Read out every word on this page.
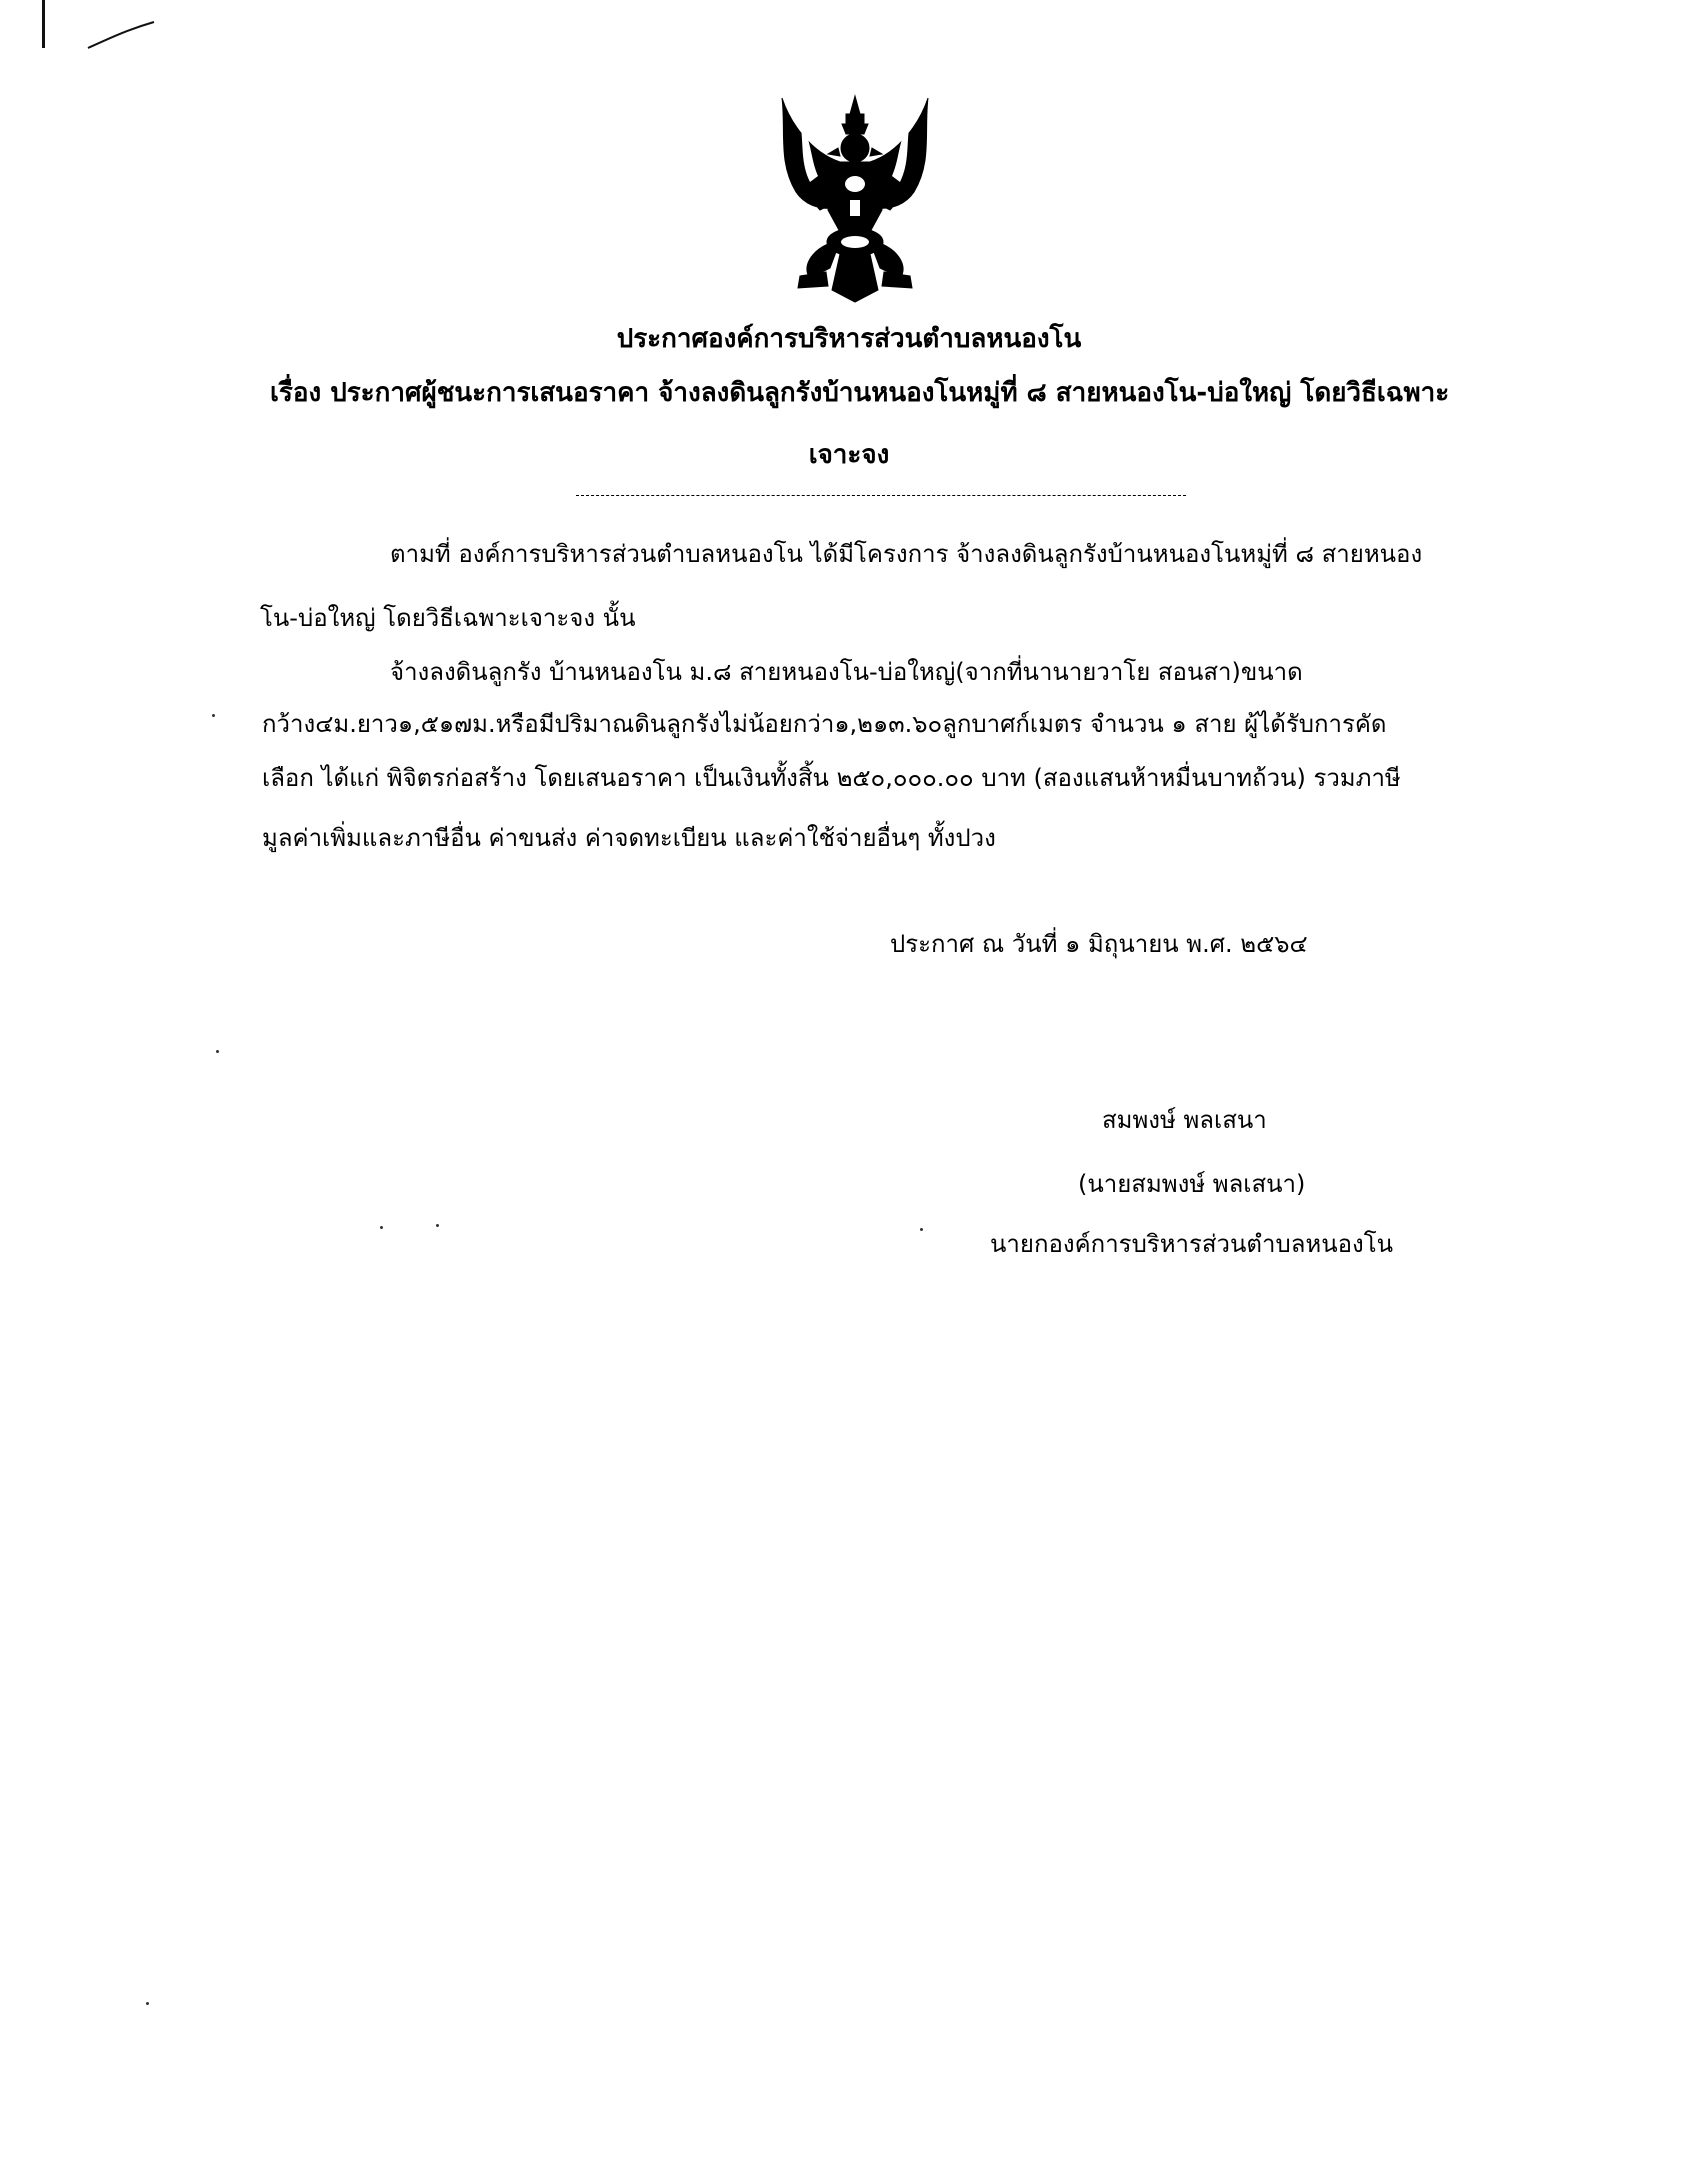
ประกาศองค์การบริหารส่วนตำบลหนองโน
เรื่อง ประกาศผู้ชนะการเสนอราคา จ้างลงดินลูกรังบ้านหนองโนหมู่ที่ ๘ สายหนองโน-บ่อใหญ่ โดยวิธีเฉพาะ
เจาะจง
ตามที่ องค์การบริหารส่วนตำบลหนองโน ได้มีโครงการ จ้างลงดินลูกรังบ้านหนองโนหมู่ที่ ๘ สายหนอง
โน-บ่อใหญ่ โดยวิธีเฉพาะเจาะจง นั้น
จ้างลงดินลูกรัง บ้านหนองโน ม.๘ สายหนองโน-บ่อใหญ่(จากที่นานายวาโย สอนสา)ขนาด
กว้าง๔ม.ยาว๑,๕๑๗ม.หรือมีปริมาณดินลูกรังไม่น้อยกว่า๑,๒๑๓.๖๐ลูกบาศก์เมตร จำนวน ๑ สาย ผู้ได้รับการคัด
เลือก ได้แก่ พิจิตรก่อสร้าง โดยเสนอราคา เป็นเงินทั้งสิ้น ๒๕๐,๐๐๐.๐๐ บาท (สองแสนห้าหมื่นบาทถ้วน) รวมภาษี
มูลค่าเพิ่มและภาษีอื่น ค่าขนส่ง ค่าจดทะเบียน และค่าใช้จ่ายอื่นๆ ทั้งปวง
ประกาศ ณ วันที่ ๑ มิถุนายน พ.ศ. ๒๕๖๔
สมพงษ์ พลเสนา
(นายสมพงษ์ พลเสนา)
นายกองค์การบริหารส่วนตำบลหนองโน
